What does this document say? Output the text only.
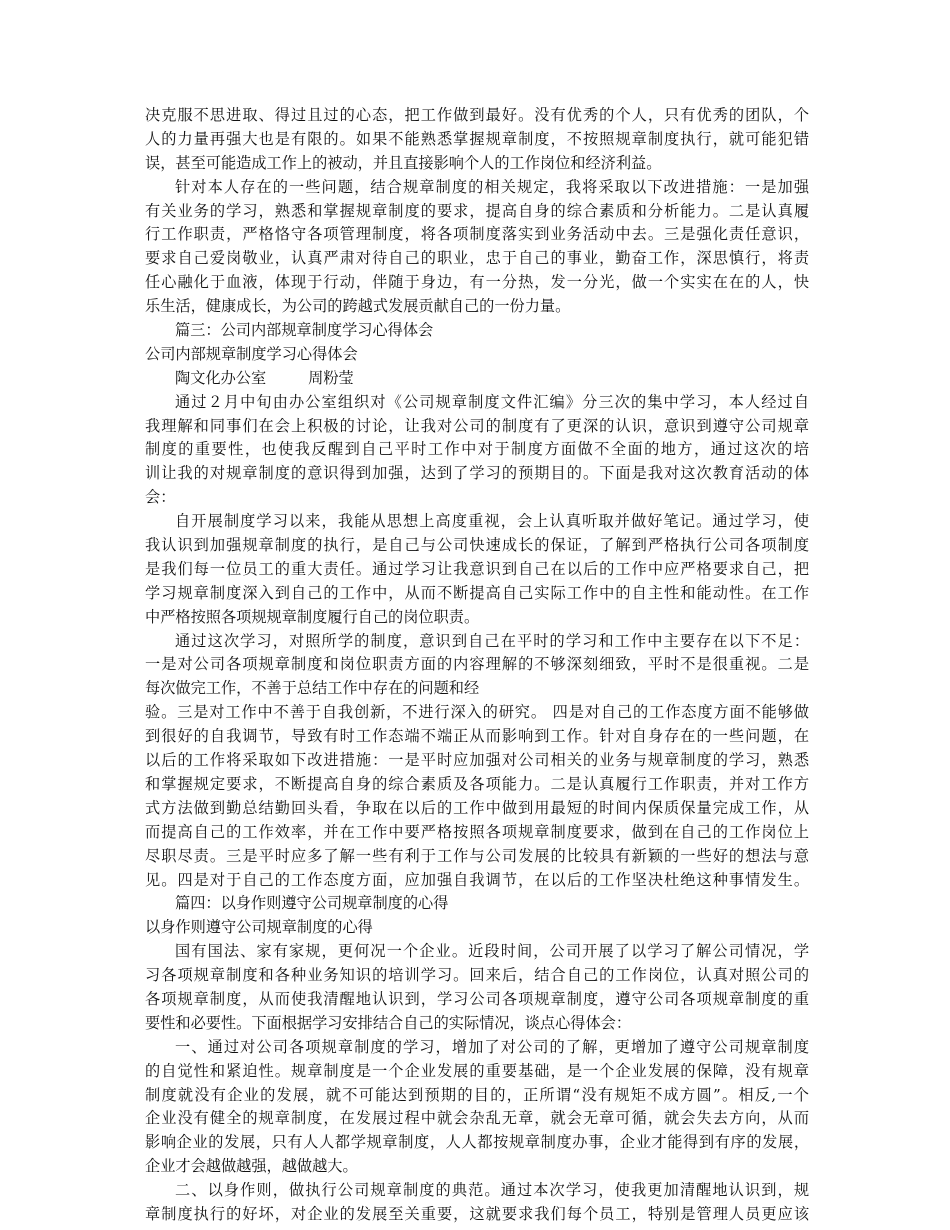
决克服不思进取、得过且过的心态，把工作做到最好。没有优秀的个人，只有优秀的团队，个
人的力量再强大也是有限的。如果不能熟悉掌握规章制度，不按照规章制度执行，就可能犯错
误，甚至可能造成工作上的被动，并且直接影响个人的工作岗位和经济利益。
针对本人存在的一些问题，结合规章制度的相关规定，我将采取以下改进措施：一是加强
有关业务的学习，熟悉和掌握规章制度的要求，提高自身的综合素质和分析能力。二是认真履
行工作职责，严格恪守各项管理制度，将各项制度落实到业务活动中去。三是强化责任意识，
要求自己爱岗敬业，认真严肃对待自己的职业，忠于自己的事业，勤奋工作，深思慎行，将责
任心融化于血液，体现于行动，伴随于身边，有一分热，发一分光，做一个实实在在的人，快
乐生活，健康成长，为公司的跨越式发展贡献自己的一份力量。
篇三：公司内部规章制度学习心得体会
公司内部规章制度学习心得体会
陶文化办公室	周粉莹
通过２月中旬由办公室组织对《公司规章制度文件汇编》分三次的集中学习，本人经过自
我理解和同事们在会上积极的讨论，让我对公司的制度有了更深的认识，意识到遵守公司规章
制度的重要性，也使我反醒到自己平时工作中对于制度方面做不全面的地方，通过这次的培
训让我的对规章制度的意识得到加强，达到了学习的预期目的。下面是我对这次教育活动的体
会：
自开展制度学习以来，我能从思想上高度重视，会上认真听取并做好笔记。通过学习，使
我认识到加强规章制度的执行，是自己与公司快速成长的保证，了解到严格执行公司各项制度
是我们每一位员工的重大责任。通过学习让我意识到自己在以后的工作中应严格要求自己，把
学习规章制度深入到自己的工作中，从而不断提高自己实际工作中的自主性和能动性。在工作
中严格按照各项规规章制度履行自己的岗位职责。
通过这次学习，对照所学的制度，意识到自己在平时的学习和工作中主要存在以下不足：
一是对公司各项规章制度和岗位职责方面的内容理解的不够深刻细致，平时不是很重视。二是
每次做完工作，不善于总结工作中存在的问题和经
验。三是对工作中不善于自我创新，不进行深入的研究。 四是对自己的工作态度方面不能够做
到很好的自我调节，导致有时工作态端不端正从而影响到工作。针对自身存在的一些问题，在
以后的工作将采取如下改进措施：一是平时应加强对公司相关的业务与规章制度的学习，熟悉
和掌握规定要求，不断提高自身的综合素质及各项能力。二是认真履行工作职责，并对工作方
式方法做到勤总结勤回头看，争取在以后的工作中做到用最短的时间内保质保量完成工作，从
而提高自己的工作效率，并在工作中要严格按照各项规章制度要求，做到在自己的工作岗位上
尽职尽责。三是平时应多了解一些有利于工作与公司发展的比较具有新颖的一些好的想法与意
见。四是对于自己的工作态度方面，应加强自我调节，在以后的工作坚决杜绝这种事情发生。
篇四：以身作则遵守公司规章制度的心得
以身作则遵守公司规章制度的心得
国有国法、家有家规，更何况一个企业。近段时间，公司开展了以学习了解公司情况，学
习各项规章制度和各种业务知识的培训学习。回来后，结合自己的工作岗位，认真对照公司的
各项规章制度，从而使我清醒地认识到，学习公司各项规章制度，遵守公司各项规章制度的重
要性和必要性。下面根据学习安排结合自己的实际情况，谈点心得体会：
一、通过对公司各项规章制度的学习，增加了对公司的了解，更增加了遵守公司规章制度
的自觉性和紧迫性。规章制度是一个企业发展的重要基础，是一个企业发展的保障，没有规章
制度就没有企业的发展，就不可能达到预期的目的，正所谓“没有规矩不成方圆”。相反,一个
企业没有健全的规章制度，在发展过程中就会杂乱无章，就会无章可循，就会失去方向，从而
影响企业的发展，只有人人都学规章制度，人人都按规章制度办事，企业才能得到有序的发展，
企业才会越做越强，越做越大。
二、以身作则，做执行公司规章制度的典范。通过本次学习，使我更加清醒地认识到，规
章制度执行的好坏，对企业的发展至关重要，这就要求我们每个员工，特别是管理人员更应该
